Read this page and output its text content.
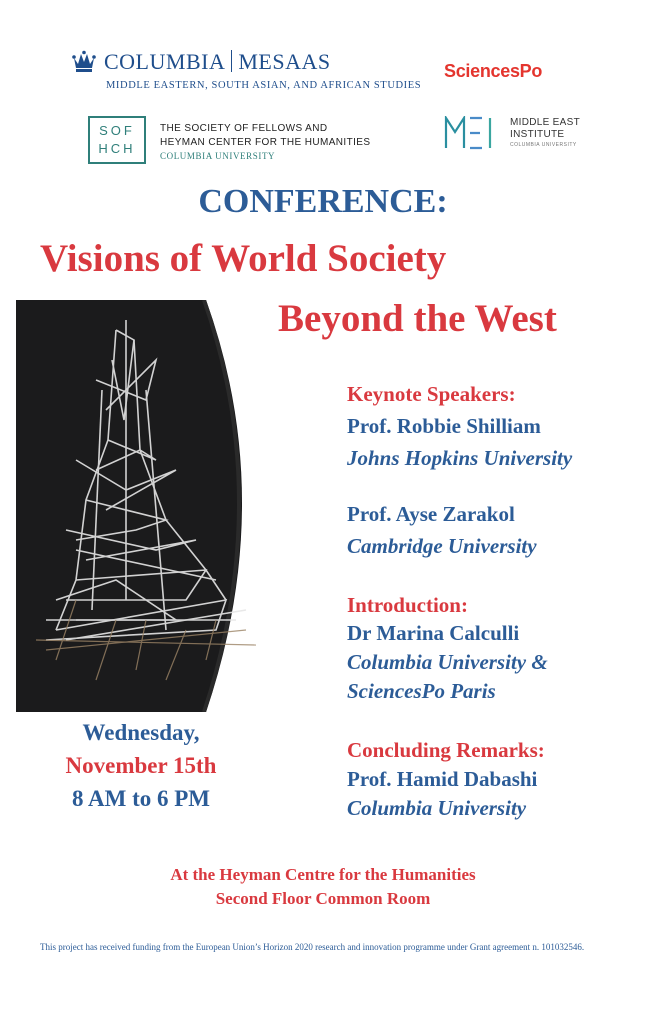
COLUMBIA MESAAS
MIDDLE EASTERN, SOUTH ASIAN, AND AFRICAN STUDIES
SciencesPo
SOF
HCH
THE SOCIETY OF FELLOWS AND
HEYMAN CENTER FOR THE HUMANITIES
COLUMBIA UNIVERSITY
MIDDLE EAST
INSTITUTE
COLUMBIA UNIVERSITY
CONFERENCE:
Visions of World Society
Beyond the West
Keynote Speakers:
Prof. Robbie Shilliam
Johns Hopkins University
Prof. Ayse Zarakol
Cambridge University
Introduction:
Dr Marina Calculli
Columbia University &
SciencesPo Paris
Concluding Remarks:
Prof. Hamid Dabashi
Columbia University
Wednesday,
November 15th
8 AM to 6 PM
At the Heyman Centre for the Humanities
Second Floor Common Room
This project has received funding from the European Union’s Horizon 2020 research and innovation programme under Grant agreement n. 101032546.
